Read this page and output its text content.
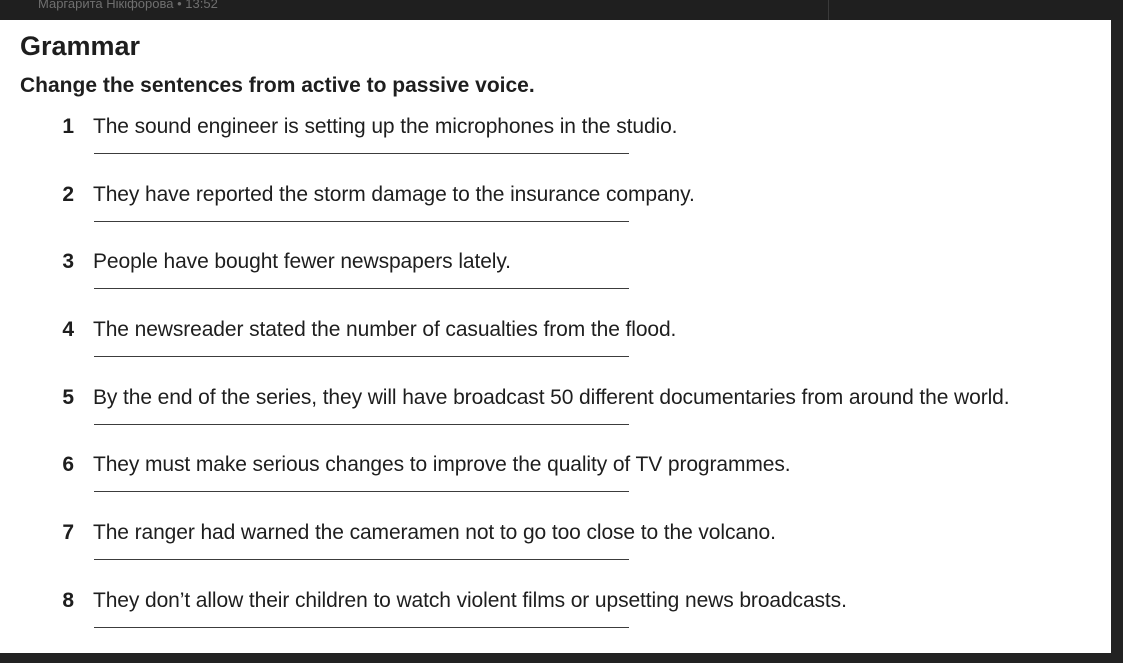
Маргарита Нікіфорова • 13:52
Grammar

Change the sentences from active to passive voice.

1 The sound engineer is setting up the microphones in the studio.
2 They have reported the storm damage to the insurance company.
3 People have bought fewer newspapers lately.
4 The newsreader stated the number of casualties from the flood.
5 By the end of the series, they will have broadcast 50 different documentaries from around the world.
6 They must make serious changes to improve the quality of TV programmes.
7 The ranger had warned the cameramen not to go too close to the volcano.
8 They don’t allow their children to watch violent films or upsetting news broadcasts.
